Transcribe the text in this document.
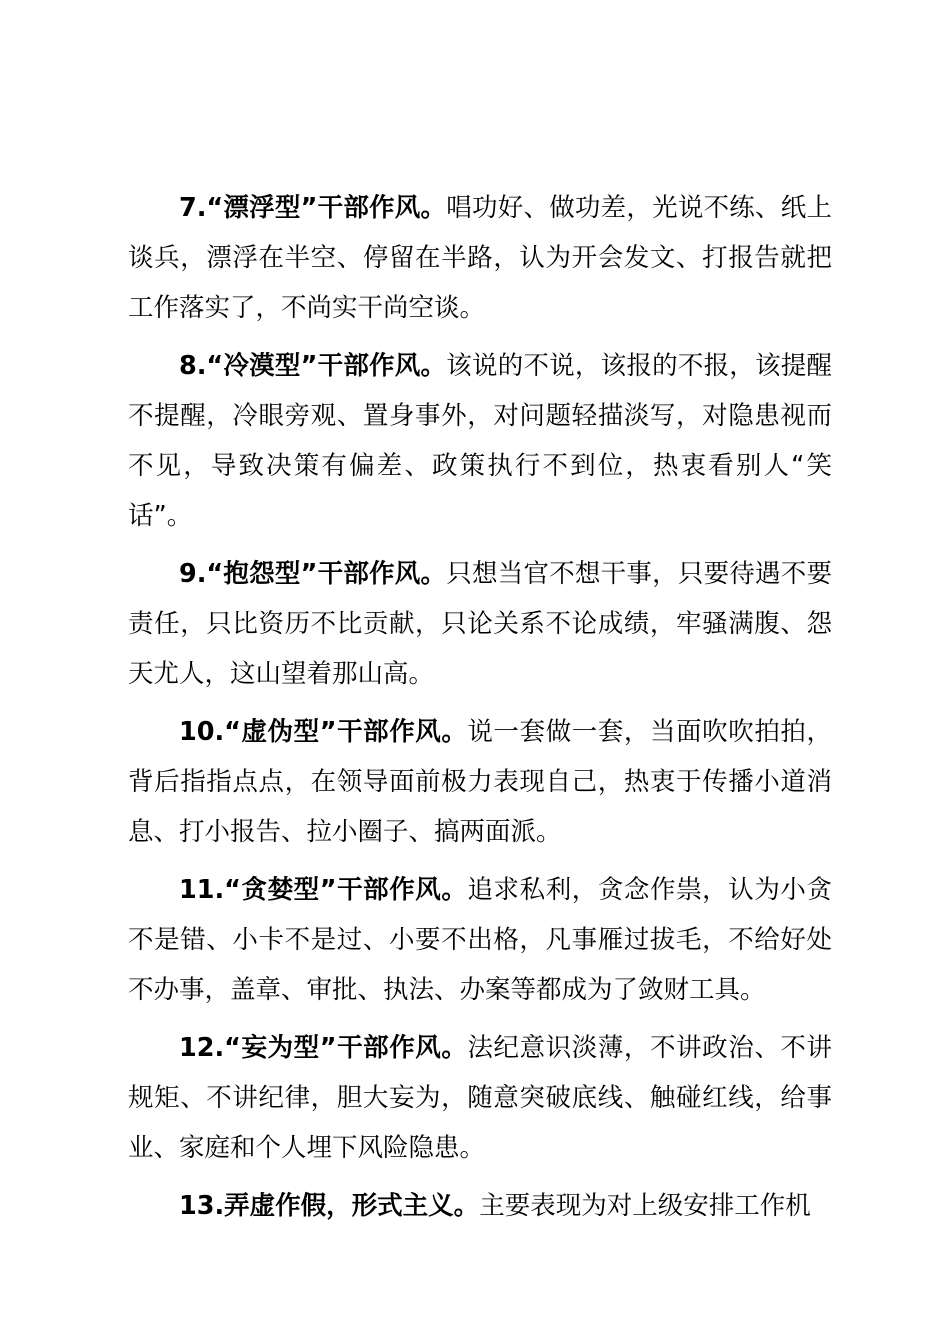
7.“漂浮型”干部作风。唱功好、做功差，光说不练、纸上谈兵，漂浮在半空、停留在半路，认为开会发文、打报告就把工作落实了，不尚实干尚空谈。

8.“冷漠型”干部作风。该说的不说，该报的不报，该提醒不提醒，冷眼旁观、置身事外，对问题轻描淡写，对隐患视而不见，导致决策有偏差、政策执行不到位，热衷看别人“笑话”。

9.“抱怨型”干部作风。只想当官不想干事，只要待遇不要责任，只比资历不比贡献，只论关系不论成绩，牢骚满腹、怨天尤人，这山望着那山高。

10.“虚伪型”干部作风。说一套做一套，当面吹吹拍拍，背后指指点点，在领导面前极力表现自己，热衷于传播小道消息、打小报告、拉小圈子、搞两面派。

11.“贪婪型”干部作风。追求私利，贪念作祟，认为小贪不是错、小卡不是过、小要不出格，凡事雁过拔毛，不给好处不办事，盖章、审批、执法、办案等都成为了敛财工具。

12.“妄为型”干部作风。法纪意识淡薄，不讲政治、不讲规矩、不讲纪律，胆大妄为，随意突破底线、触碰红线，给事业、家庭和个人埋下风险隐患。

13.弄虚作假，形式主义。主要表现为对上级安排工作机
